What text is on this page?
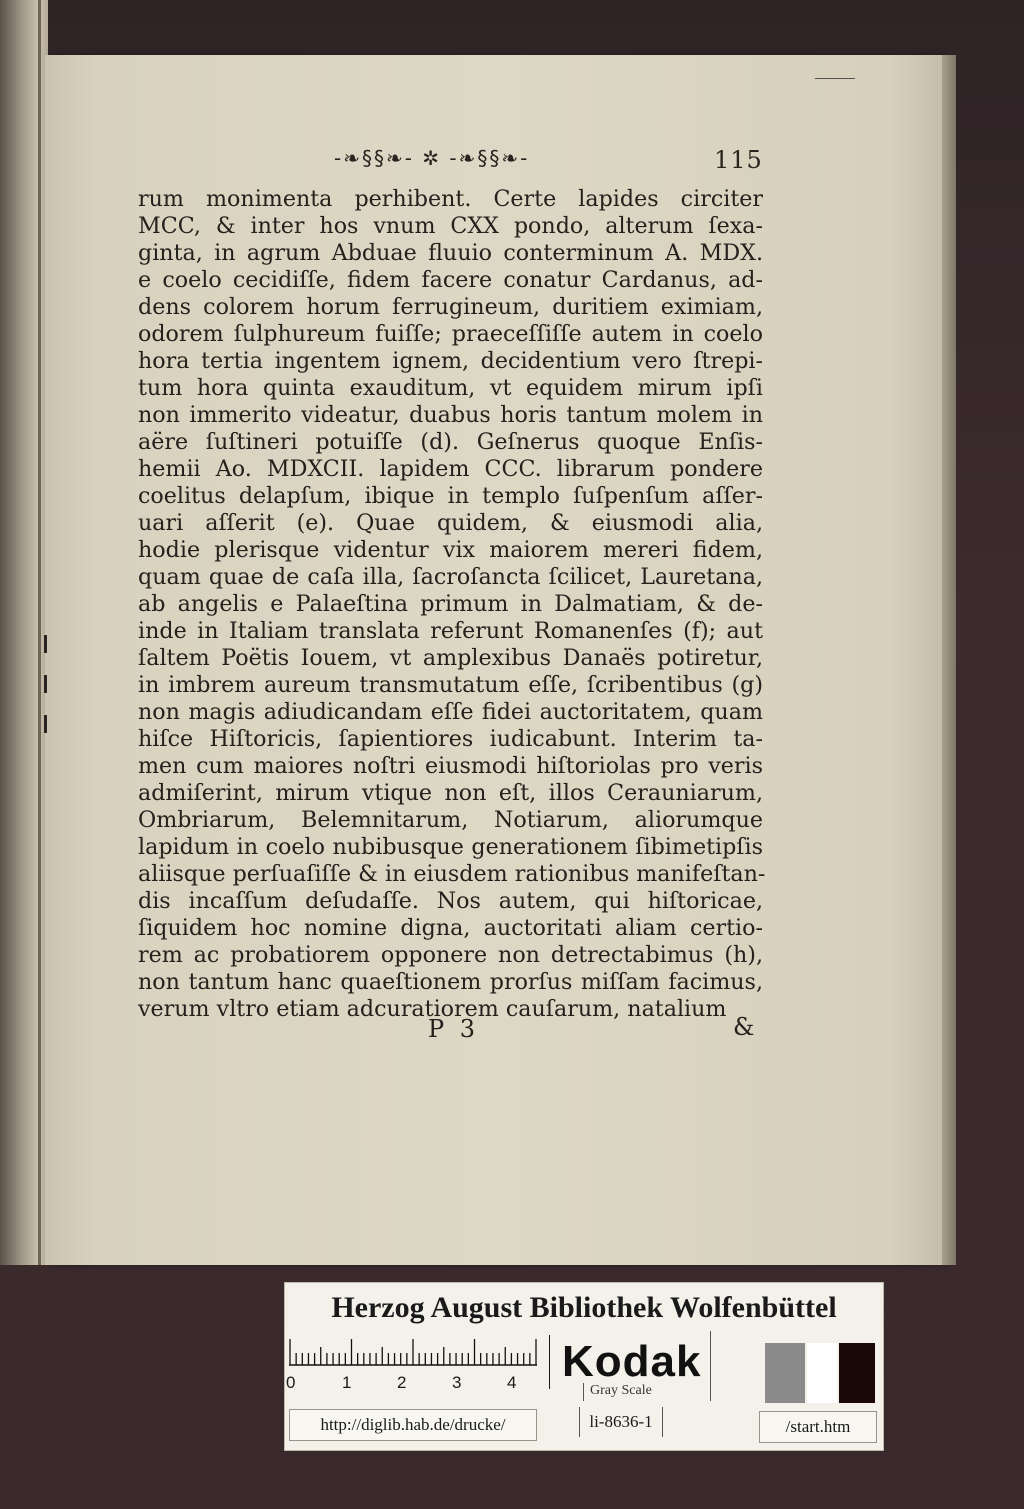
-❧§§❧- ✲ -❧§§❧-	115
rum monimenta perhibent. Certe lapides circiter
MCC, & inter hos vnum CXX pondo, alterum ſexa-
ginta, in agrum Abduae fluuio conterminum A. MDX.
e coelo cecidiſſe, fidem facere conatur Cardanus, ad-
dens colorem horum ferrugineum, duritiem eximiam,
odorem ſulphureum fuiſſe; praeceſſiſſe autem in coelo
hora tertia ingentem ignem, decidentium vero ſtrepi-
tum hora quinta exauditum, vt equidem mirum ipſi
non immerito videatur, duabus horis tantum molem in
aëre ſuſtineri potuiſſe (d). Geſnerus quoque Enſis-
hemii Ao. MDXCII. lapidem CCC. librarum pondere
coelitus delapſum, ibique in templo ſuſpenſum aſſer-
uari aſſerit (e). Quae quidem, & eiusmodi alia,
hodie plerisque videntur vix maiorem mereri fidem,
quam quae de caſa illa, ſacroſancta ſcilicet, Lauretana,
ab angelis e Palaeſtina primum in Dalmatiam, & de-
inde in Italiam translata referunt Romanenſes (f); aut
ſaltem Poëtis Iouem, vt amplexibus Danaës potiretur,
in imbrem aureum transmutatum eſſe, ſcribentibus (g)
non magis adiudicandam eſſe fidei auctoritatem, quam
hiſce Hiſtoricis, ſapientiores iudicabunt. Interim ta-
men cum maiores noſtri eiusmodi hiſtoriolas pro veris
admiſerint, mirum vtique non eſt, illos Cerauniarum,
Ombriarum, Belemnitarum, Notiarum, aliorumque
lapidum in coelo nubibusque generationem ſibimetipſis
aliisque perſuaſiſſe & in eiusdem rationibus manifeſtan-
dis incaſſum deſudaſſe. Nos autem, qui hiſtoricae,
ſiquidem hoc nomine digna, auctoritati aliam certio-
rem ac probatiorem opponere non detrectabimus (h),
non tantum hanc quaeſtionem prorſus miſſam facimus,
verum vltro etiam adcuratiorem cauſarum, natalium
P 3	&
Herzog August Bibliothek Wolfenbüttel
0	1	2	3	4 Kodak
Gray Scale
http://diglib.hab.de/drucke/	li-8636-1	/start.htm
